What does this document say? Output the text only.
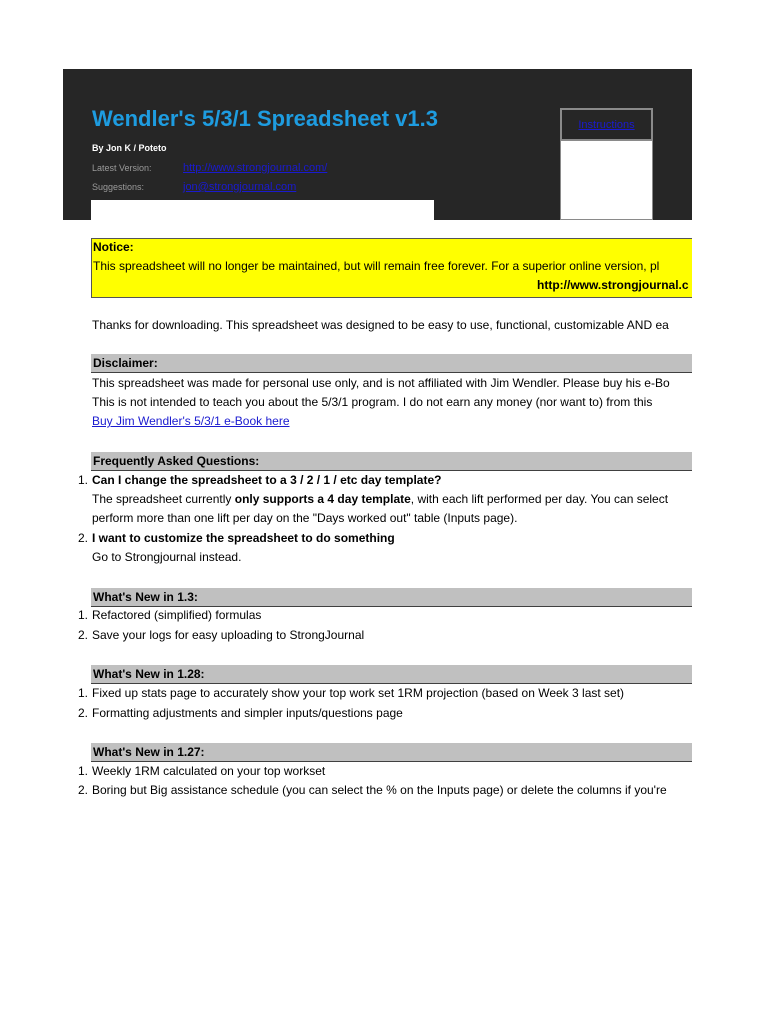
Wendler's 5/3/1 Spreadsheet v1.3
By Jon K / Poteto
Latest Version:	http://www.strongjournal.com/
Suggestions:	jon@strongjournal.com
Instructions
Notice:
This spreadsheet will no longer be maintained, but will remain free forever. For a superior online version, pl
http://www.strongjournal.c
Thanks for downloading. This spreadsheet was designed to be easy to use, functional, customizable AND ea
Disclaimer:
This spreadsheet was made for personal use only, and is not affiliated with Jim Wendler. Please buy his e-Bo
This is not intended to teach you about the 5/3/1 program. I do not earn any money (nor want to) from this
Buy Jim Wendler's 5/3/1 e-Book here
Frequently Asked Questions:
1. Can I change the spreadsheet to a 3 / 2 / 1 / etc day template?
The spreadsheet currently only supports a 4 day template, with each lift performed per day. You can select
perform more than one lift per day on the "Days worked out" table (Inputs page).
2. I want to customize the spreadsheet to do something
Go to Strongjournal instead.
What's New in 1.3:
1. Refactored (simplified) formulas
2. Save your logs for easy uploading to StrongJournal
What's New in 1.28:
1. Fixed up stats page to accurately show your top work set 1RM projection (based on Week 3 last set)
2. Formatting adjustments and simpler inputs/questions page
What's New in 1.27:
1. Weekly 1RM calculated on your top workset
2. Boring but Big assistance schedule (you can select the % on the Inputs page) or delete the columns if you're
